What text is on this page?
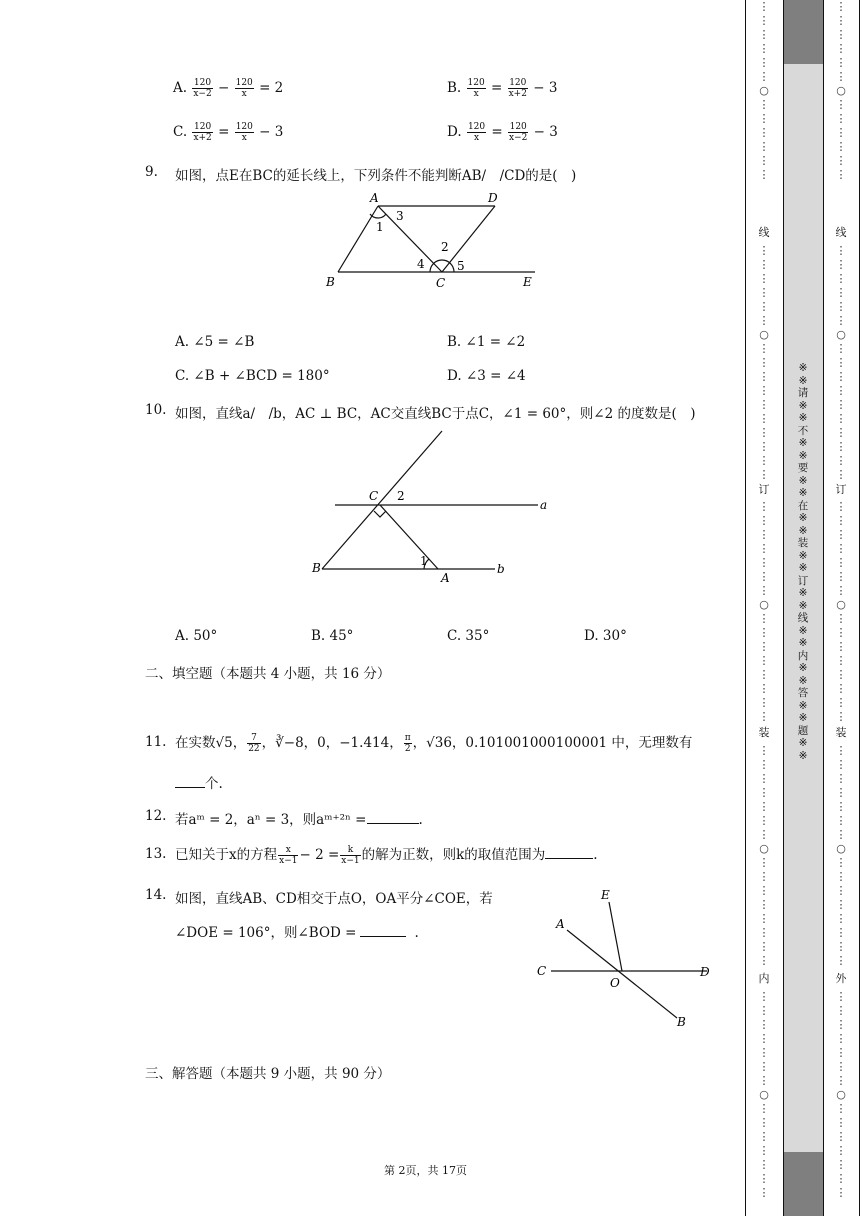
A. $\frac{120}{x-2} - \frac{120}{x} = 2$	B. $\frac{120}{x} = \frac{120}{x+2} - 3$
C. $\frac{120}{x+2} = \frac{120}{x} - 3$	D. $\frac{120}{x} = \frac{120}{x-2} - 3$
9. 如图，点E在BC的延长线上，下列条件不能判断AB/　/CD的是(　)
A	D
B	C	E
1
2
3
4	5
A. ∠5 = ∠B	B. ∠1 = ∠2
C. ∠B + ∠BCD = 180°	D. ∠3 = ∠4
10. 如图，直线a/　/b，AC ⊥ BC，AC交直线BC于点C，∠1 = 60°，则∠2 的度数是(　)
C 2
a
B	1
A
b
A. 50°	B. 45°	C. 35°	D. 30°
二、填空题（本题共 4 小题，共 16 分）
11. 在实数√5， $\frac{7}{22}$ ，∛−8，0，−1.414， $\frac{\pi}{2}$ ，√36，0.101001000100001 中，无理数有
个.
12. 若aᵐ = 2，aⁿ = 3，则aᵐ⁺²ⁿ =	.
13. 已知关于x的方程 $\frac{x}{x-1} - 2 = \frac{k}{x-1}$ 的解为正数，则k的取值范围为	.
14. 如图，直线AB、CD相交于点O，OA平分∠COE，若
∠DOE = 106°，则∠BOD =	.
E
A
C	D
O
B
三、解答题（本题共 9 小题，共 90 分）
第 2页，共 17页
※
※
请
※
※
不
※
※
要
※
※
在
※
※
装
※
※
订
※
※
线
※
※
内
※
※
答
※
※
题
※
※
⋮
⋮
⋮
⋮
⋮
⋮
○
⋮
⋮
⋮
⋮
⋮
⋮
线
⋮
⋮
⋮
⋮
⋮
⋮
○
⋮
⋮
⋮
⋮
⋮
⋮
⋮
⋮
⋮
⋮
订
⋮
⋮
⋮
⋮
⋮
⋮
⋮
○
⋮
⋮
⋮
⋮
⋮
⋮
⋮
⋮
装
⋮
⋮
⋮
⋮
⋮
⋮
⋮
○
⋮
⋮
⋮
⋮
⋮
⋮
⋮
⋮
内
⋮
⋮
⋮
⋮
⋮
⋮
⋮
○
⋮
⋮
⋮
⋮
⋮
⋮
⋮
⋮
⋮
⋮
⋮
⋮
⋮
○
⋮
⋮
⋮
⋮
⋮
⋮
线
⋮
⋮
⋮
⋮
⋮
⋮
○
⋮
⋮
⋮
⋮
⋮
⋮
⋮
⋮
⋮
⋮
订
⋮
⋮
⋮
⋮
⋮
⋮
⋮
○
⋮
⋮
⋮
⋮
⋮
⋮
⋮
⋮
装
⋮
⋮
⋮
⋮
⋮
⋮
⋮
○
⋮
⋮
⋮
⋮
⋮
⋮
⋮
⋮
外
⋮
⋮
⋮
⋮
⋮
⋮
⋮
○
⋮
⋮
⋮
⋮
⋮
⋮
⋮
